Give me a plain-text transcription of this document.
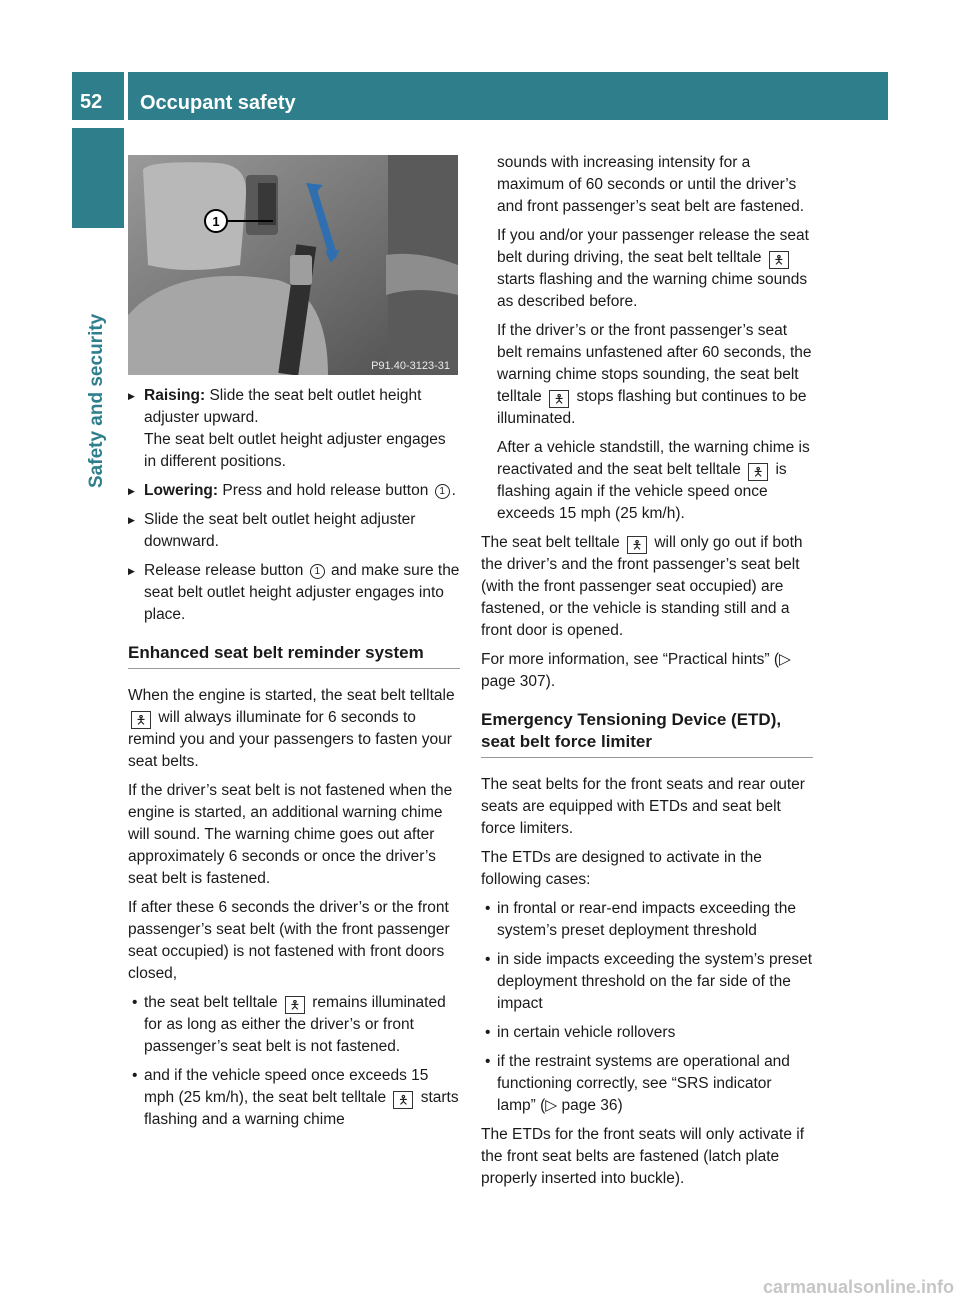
52	Occupant safety
Safety and security
1
P91.40-3123-31
▶ Raising: Slide the seat belt outlet height adjuster upward.
The seat belt outlet height adjuster engages in different positions.
▶ Lowering: Press and hold release button 1 .
▶ Slide the seat belt outlet height adjuster downward.
▶ Release release button 1 and make sure the seat belt outlet height adjuster engages into place.
Enhanced seat belt reminder system

When the engine is started, the seat belt telltale 🯅 will always illuminate for 6 seconds to remind you and your passengers to fasten your seat belts.

If the driver’s seat belt is not fastened when the engine is started, an additional warning chime will sound. The warning chime goes out after approximately 6 seconds or once the driver’s seat belt is fastened.

If after these 6 seconds the driver’s or the front passenger’s seat belt (with the front passenger seat occupied) is not fastened with front doors closed,

• the seat belt telltale 🯅 remains illuminated for as long as either the driver’s or front passenger’s seat belt is not fastened.
• and if the vehicle speed once exceeds 15 mph (25 km/h), the seat belt telltale 🯅 starts flashing and a warning chime

sounds with increasing intensity for a maximum of 60 seconds or until the driver’s and front passenger’s seat belt are fastened.

If you and/or your passenger release the seat belt during driving, the seat belt telltale 🯅 starts flashing and the warning chime sounds as described before.

If the driver’s or the front passenger’s seat belt remains unfastened after 60 seconds, the warning chime stops sounding, the seat belt telltale 🯅 stops flashing but continues to be illuminated.

After a vehicle standstill, the warning chime is reactivated and the seat belt telltale 🯅 is flashing again if the vehicle speed once exceeds 15 mph (25 km/h).

The seat belt telltale 🯅 will only go out if both the driver’s and the front passenger’s seat belt (with the front passenger seat occupied) are fastened, or the vehicle is standing still and a front door is opened.

For more information, see “Practical hints” (▷ page 307).

Emergency Tensioning Device (ETD), seat belt force limiter

The seat belts for the front seats and rear outer seats are equipped with ETDs and seat belt force limiters.

The ETDs are designed to activate in the following cases:

• in frontal or rear-end impacts exceeding the system’s preset deployment threshold
• in side impacts exceeding the system’s preset deployment threshold on the far side of the impact
• in certain vehicle rollovers
• if the restraint systems are operational and functioning correctly, see “SRS indicator lamp” (▷ page 36)

The ETDs for the front seats will only activate if the front seat belts are fastened (latch plate properly inserted into buckle).

carmanualsonline.info
